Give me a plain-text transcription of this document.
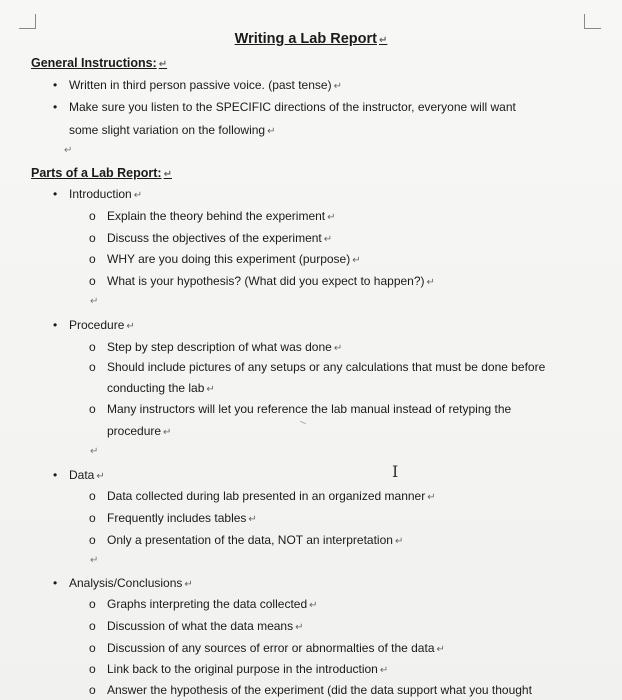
Writing a Lab Report ↵
General Instructions: ↵
• Written in third person passive voice. (past tense) ↵
• Make sure you listen to the SPECIFIC directions of the instructor, everyone will want
some slight variation on the following ↵
↵
Parts of a Lab Report: ↵
• Introduction ↵
o Explain the theory behind the experiment ↵
o Discuss the objectives of the experiment ↵
o WHY are you doing this experiment (purpose) ↵
o What is your hypothesis? (What did you expect to happen?) ↵
↵
• Procedure ↵
o Step by step description of what was done ↵
o Should include pictures of any setups or any calculations that must be done before
conducting the lab ↵
o Many instructors will let you reference the lab manual instead of retyping the
procedure ↵
↵
• Data ↵	I
o Data collected during lab presented in an organized manner ↵
o Frequently includes tables ↵
o Only a presentation of the data, NOT an interpretation ↵
↵
• Analysis/Conclusions ↵
o Graphs interpreting the data collected ↵
o Discussion of what the data means ↵
o Discussion of any sources of error or abnormalties of the data ↵
o Link back to the original purpose in the introduction ↵
o Answer the hypothesis of the experiment (did the data support what you thought
